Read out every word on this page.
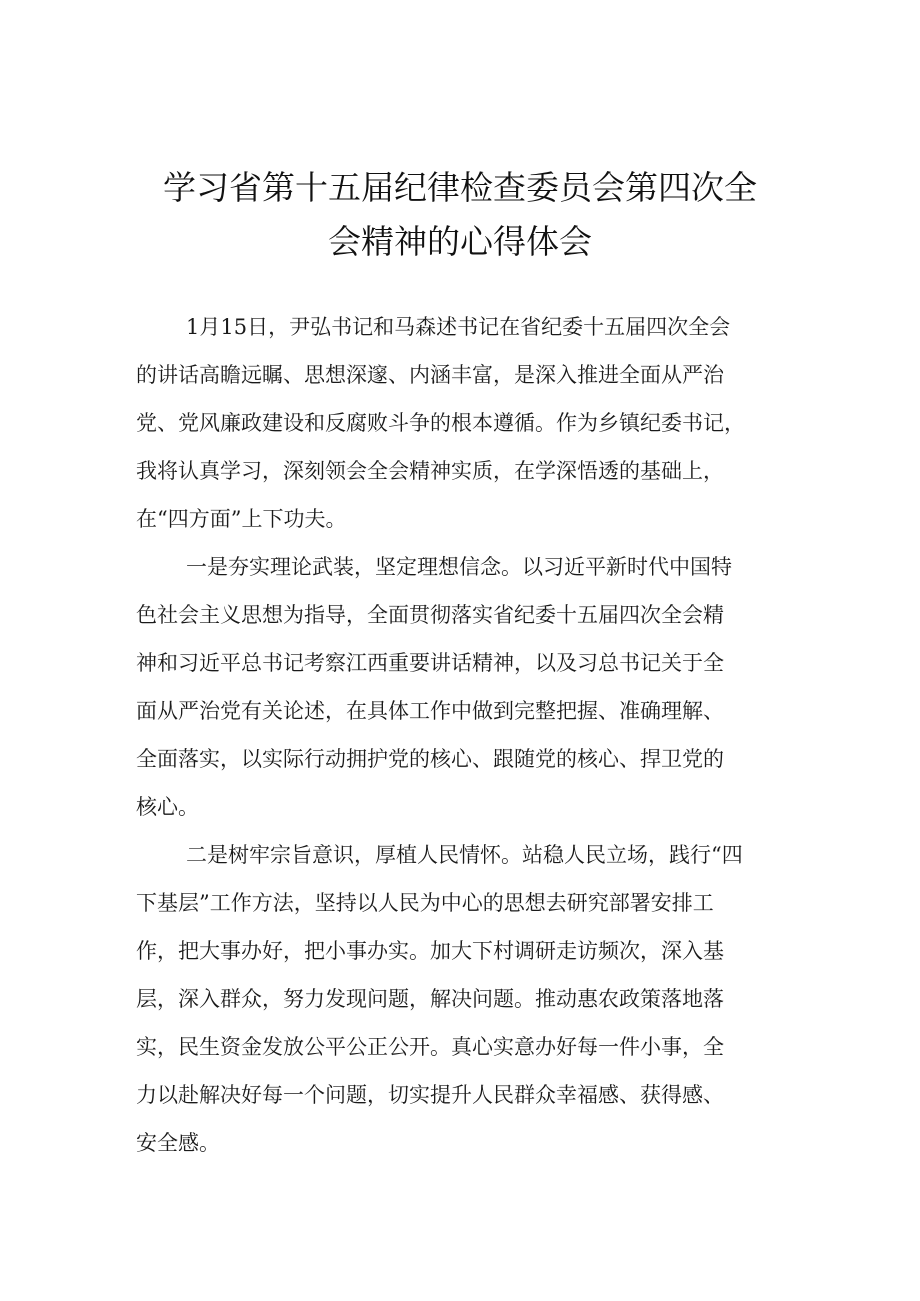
学习省第十五届纪律检查委员会第四次全
会精神的心得体会
1月15日，尹弘书记和马森述书记在省纪委十五届四次全会
的讲话高瞻远瞩、思想深邃、内涵丰富，是深入推进全面从严治
党、党风廉政建设和反腐败斗争的根本遵循。作为乡镇纪委书记，
我将认真学习，深刻领会全会精神实质，在学深悟透的基础上，
在“四方面”上下功夫。
一是夯实理论武装，坚定理想信念。以习近平新时代中国特
色社会主义思想为指导，全面贯彻落实省纪委十五届四次全会精
神和习近平总书记考察江西重要讲话精神，以及习总书记关于全
面从严治党有关论述，在具体工作中做到完整把握、准确理解、
全面落实，以实际行动拥护党的核心、跟随党的核心、捍卫党的
核心。
二是树牢宗旨意识，厚植人民情怀。站稳人民立场，践行“四
下基层”工作方法，坚持以人民为中心的思想去研究部署安排工
作，把大事办好，把小事办实。加大下村调研走访频次，深入基
层，深入群众，努力发现问题，解决问题。推动惠农政策落地落
实，民生资金发放公平公正公开。真心实意办好每一件小事，全
力以赴解决好每一个问题，切实提升人民群众幸福感、获得感、
安全感。
